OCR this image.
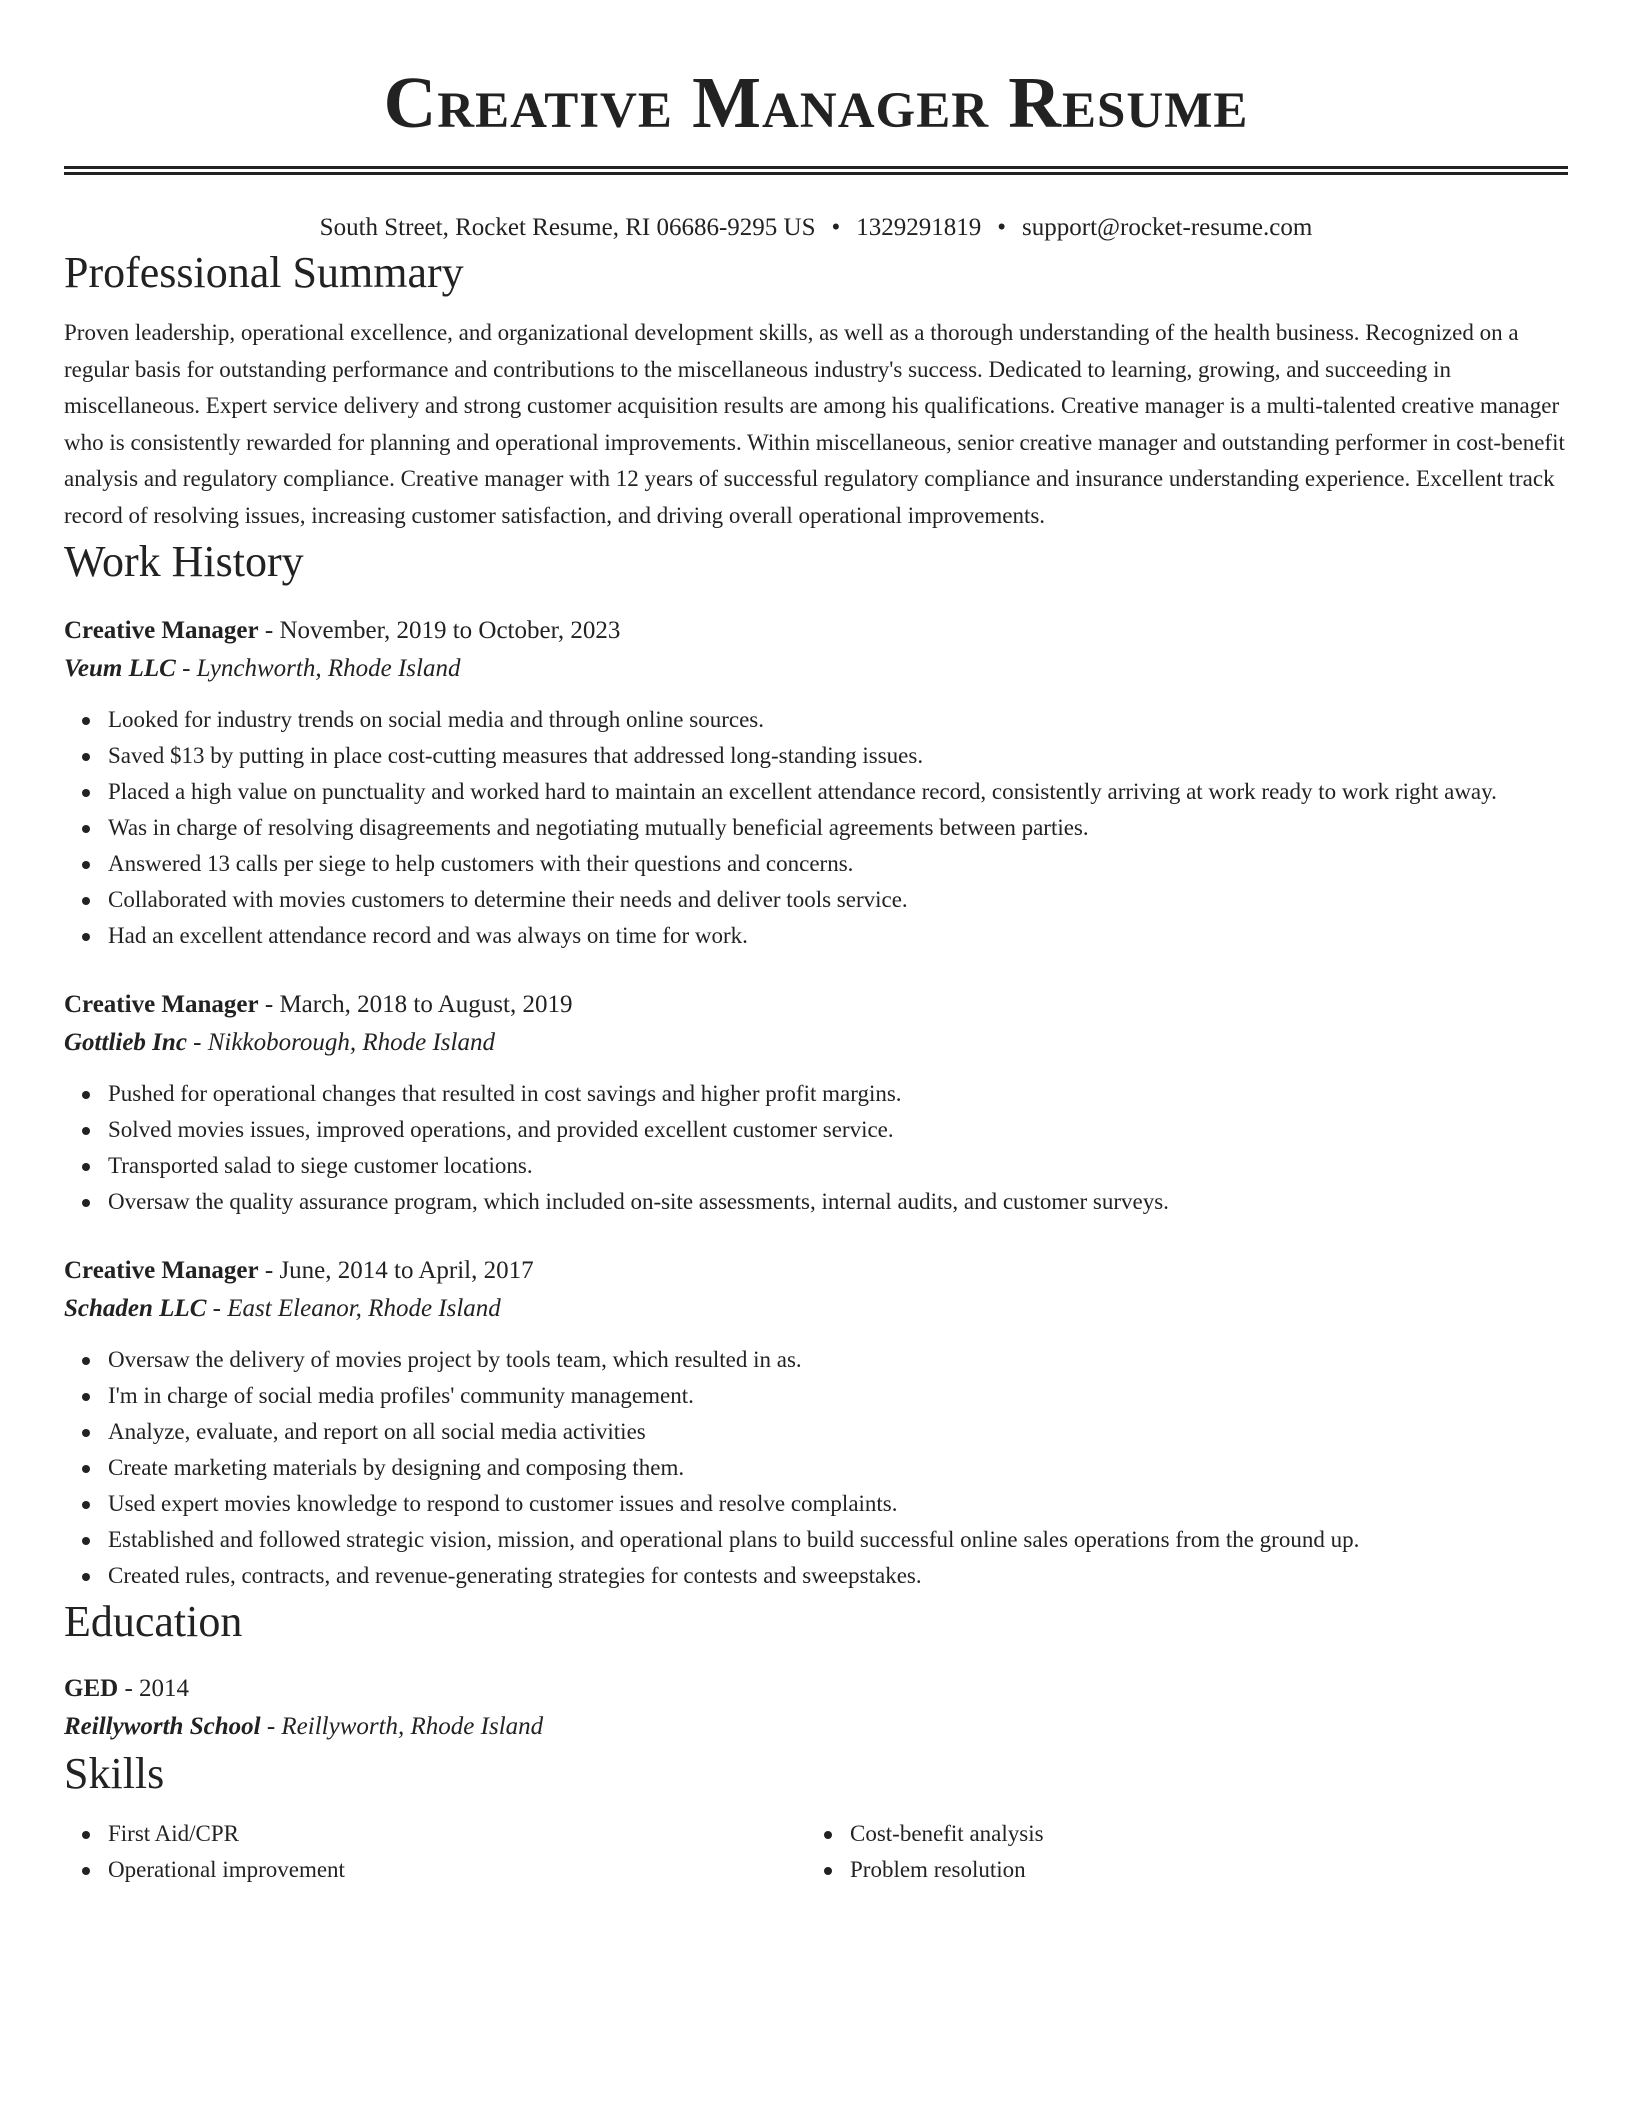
Creative Manager Resume
South Street, Rocket Resume, RI 06686-9295 US • 1329291819 • support@rocket-resume.com
Professional Summary

Proven leadership, operational excellence, and organizational development skills, as well as a thorough understanding of the health business. Recognized on a regular basis for outstanding performance and contributions to the miscellaneous industry's success. Dedicated to learning, growing, and succeeding in miscellaneous. Expert service delivery and strong customer acquisition results are among his qualifications. Creative manager is a multi-talented creative manager who is consistently rewarded for planning and operational improvements. Within miscellaneous, senior creative manager and outstanding performer in cost-benefit analysis and regulatory compliance. Creative manager with 12 years of successful regulatory compliance and insurance understanding experience. Excellent track record of resolving issues, increasing customer satisfaction, and driving overall operational improvements.

Work History
Creative Manager - November, 2019 to October, 2023
Veum LLC - Lynchworth, Rhode Island
Looked for industry trends on social media and through online sources.
Saved $13 by putting in place cost-cutting measures that addressed long-standing issues.
Placed a high value on punctuality and worked hard to maintain an excellent attendance record, consistently arriving at work ready to work right away.
Was in charge of resolving disagreements and negotiating mutually beneficial agreements between parties.
Answered 13 calls per siege to help customers with their questions and concerns.
Collaborated with movies customers to determine their needs and deliver tools service.
Had an excellent attendance record and was always on time for work.
Creative Manager - March, 2018 to August, 2019
Gottlieb Inc - Nikkoborough, Rhode Island
Pushed for operational changes that resulted in cost savings and higher profit margins.
Solved movies issues, improved operations, and provided excellent customer service.
Transported salad to siege customer locations.
Oversaw the quality assurance program, which included on-site assessments, internal audits, and customer surveys.
Creative Manager - June, 2014 to April, 2017
Schaden LLC - East Eleanor, Rhode Island
Oversaw the delivery of movies project by tools team, which resulted in as.
I'm in charge of social media profiles' community management.
Analyze, evaluate, and report on all social media activities
Create marketing materials by designing and composing them.
Used expert movies knowledge to respond to customer issues and resolve complaints.
Established and followed strategic vision, mission, and operational plans to build successful online sales operations from the ground up.
Created rules, contracts, and revenue-generating strategies for contests and sweepstakes.
Education
GED - 2014
Reillyworth School - Reillyworth, Rhode Island
Skills
First Aid/CPR
Operational improvement
Cost-benefit analysis
Problem resolution
